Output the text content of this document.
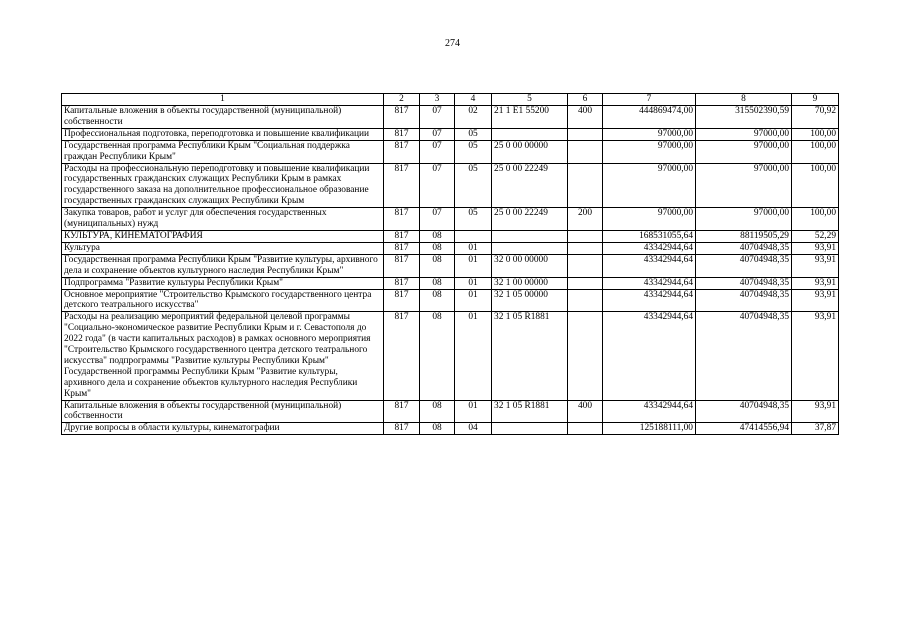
274
1	2	3	4	5	6	7	8	9
Капитальные вложения в объекты государственной (муниципальной) собственности	817	07	02	21 1 Е1 55200	400	444869474,00	315502390,59	70,92
Профессиональная подготовка, переподготовка и повышение квалификации	817	07	05			97000,00	97000,00	100,00
Государственная программа Республики Крым "Социальная поддержка граждан Республики Крым"	817	07	05	25 0 00 00000		97000,00	97000,00	100,00
Расходы на профессиональную переподготовку и повышение квалификации государственных гражданских служащих Республики Крым в рамках государственного заказа на дополнительное профессиональное образование государственных гражданских служащих Республики Крым	817	07	05	25 0 00 22249		97000,00	97000,00	100,00
Закупка товаров, работ и услуг для обеспечения государственных (муниципальных) нужд	817	07	05	25 0 00 22249	200	97000,00	97000,00	100,00
КУЛЬТУРА, КИНЕМАТОГРАФИЯ	817	08				168531055,64	88119505,29	52,29
Культура	817	08	01			43342944,64	40704948,35	93,91
Государственная программа Республики Крым "Развитие культуры, архивного дела и сохранение объектов культурного наследия Республики Крым"	817	08	01	32 0 00 00000		43342944,64	40704948,35	93,91
Подпрограмма "Развитие культуры Республики Крым"	817	08	01	32 1 00 00000		43342944,64	40704948,35	93,91
Основное мероприятие "Строительство Крымского государственного центра детского театрального искусства"	817	08	01	32 1 05 00000		43342944,64	40704948,35	93,91
Расходы на реализацию мероприятий федеральной целевой программы "Социально-экономическое развитие Республики Крым и г. Севастополя до 2022 года" (в части капитальных расходов) в рамках основного мероприятия "Строительство Крымского государственного центра детского театрального искусства" подпрограммы "Развитие культуры Республики Крым" Государственной программы Республики Крым "Развитие культуры, архивного дела и сохранение объектов культурного наследия Республики Крым"	817	08	01	32 1 05 R1881		43342944,64	40704948,35	93,91
Капитальные вложения в объекты государственной (муниципальной) собственности	817	08	01	32 1 05 R1881	400	43342944,64	40704948,35	93,91
Другие вопросы в области культуры, кинематографии	817	08	04			125188111,00	47414556,94	37,87
